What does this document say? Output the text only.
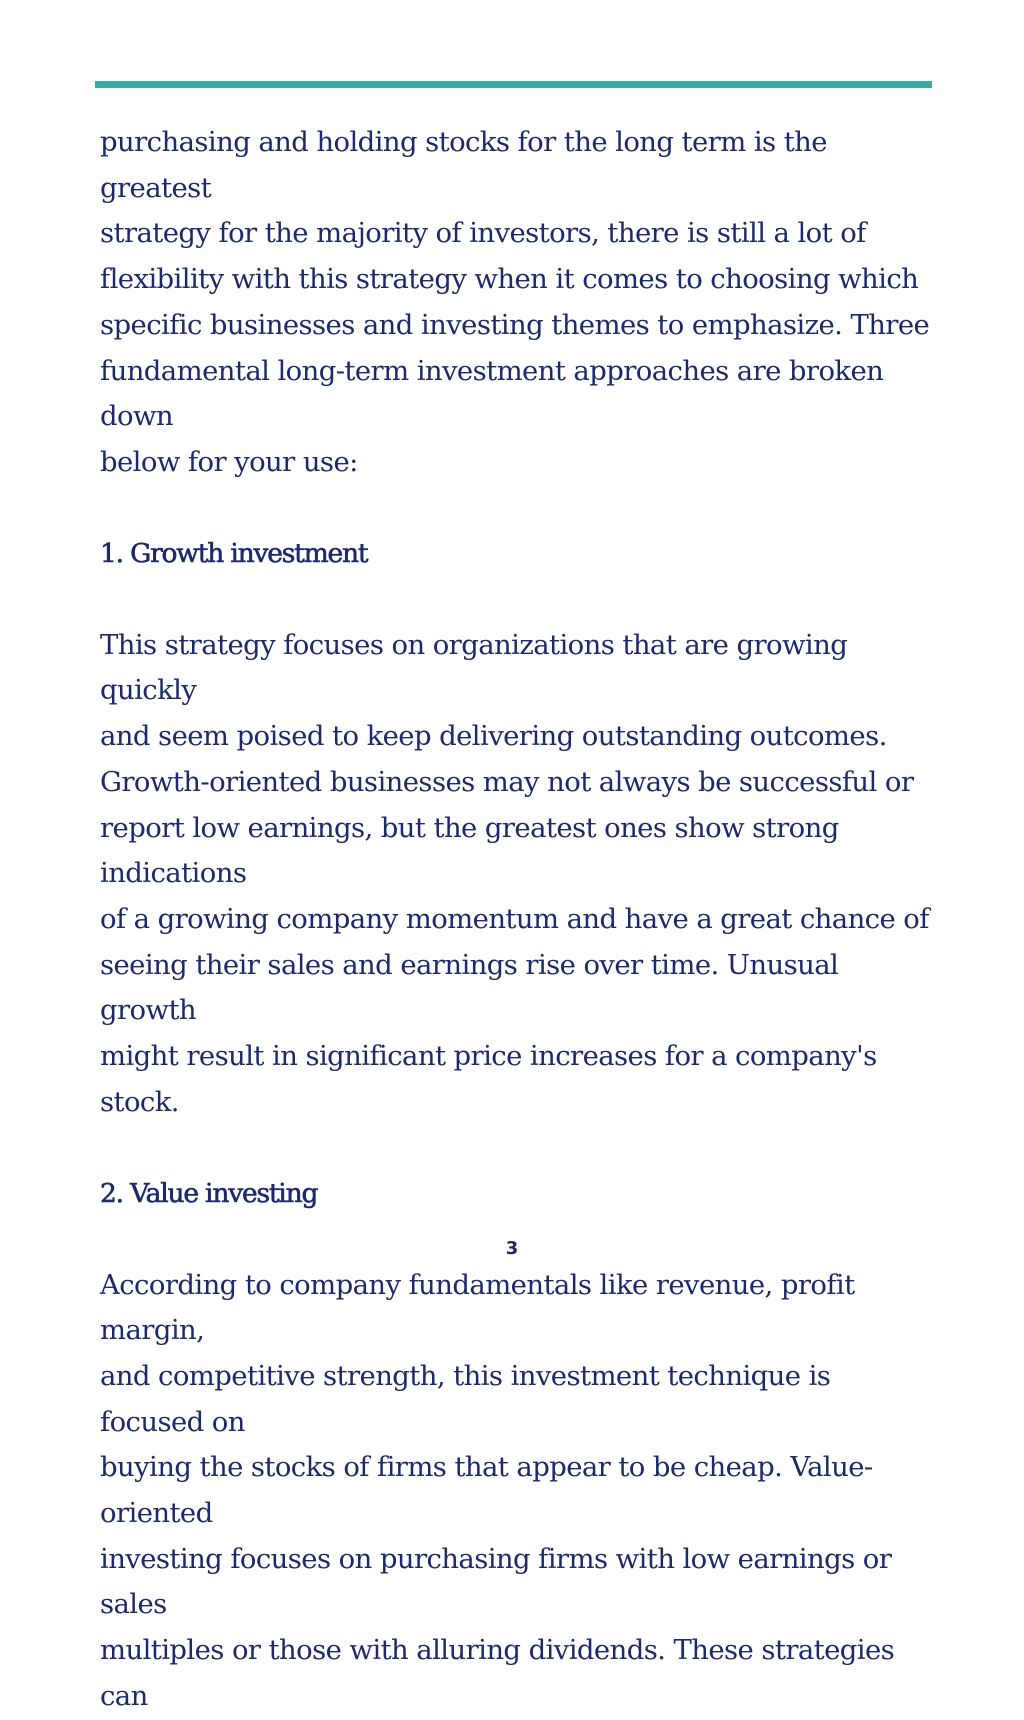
purchasing and holding stocks for the long term is the greatest
strategy for the majority of investors, there is still a lot of
flexibility with this strategy when it comes to choosing which
specific businesses and investing themes to emphasize. Three
fundamental long-term investment approaches are broken down
below for your use:
1. Growth investment
This strategy focuses on organizations that are growing quickly
and seem poised to keep delivering outstanding outcomes.
Growth-oriented businesses may not always be successful or
report low earnings, but the greatest ones show strong indications
of a growing company momentum and have a great chance of
seeing their sales and earnings rise over time. Unusual growth
might result in significant price increases for a company's stock.
2. Value investing
According to company fundamentals like revenue, profit margin,
and competitive strength, this investment technique is focused on
buying the stocks of firms that appear to be cheap. Value-oriented
investing focuses on purchasing firms with low earnings or sales
multiples or those with alluring dividends. These strategies can
3
